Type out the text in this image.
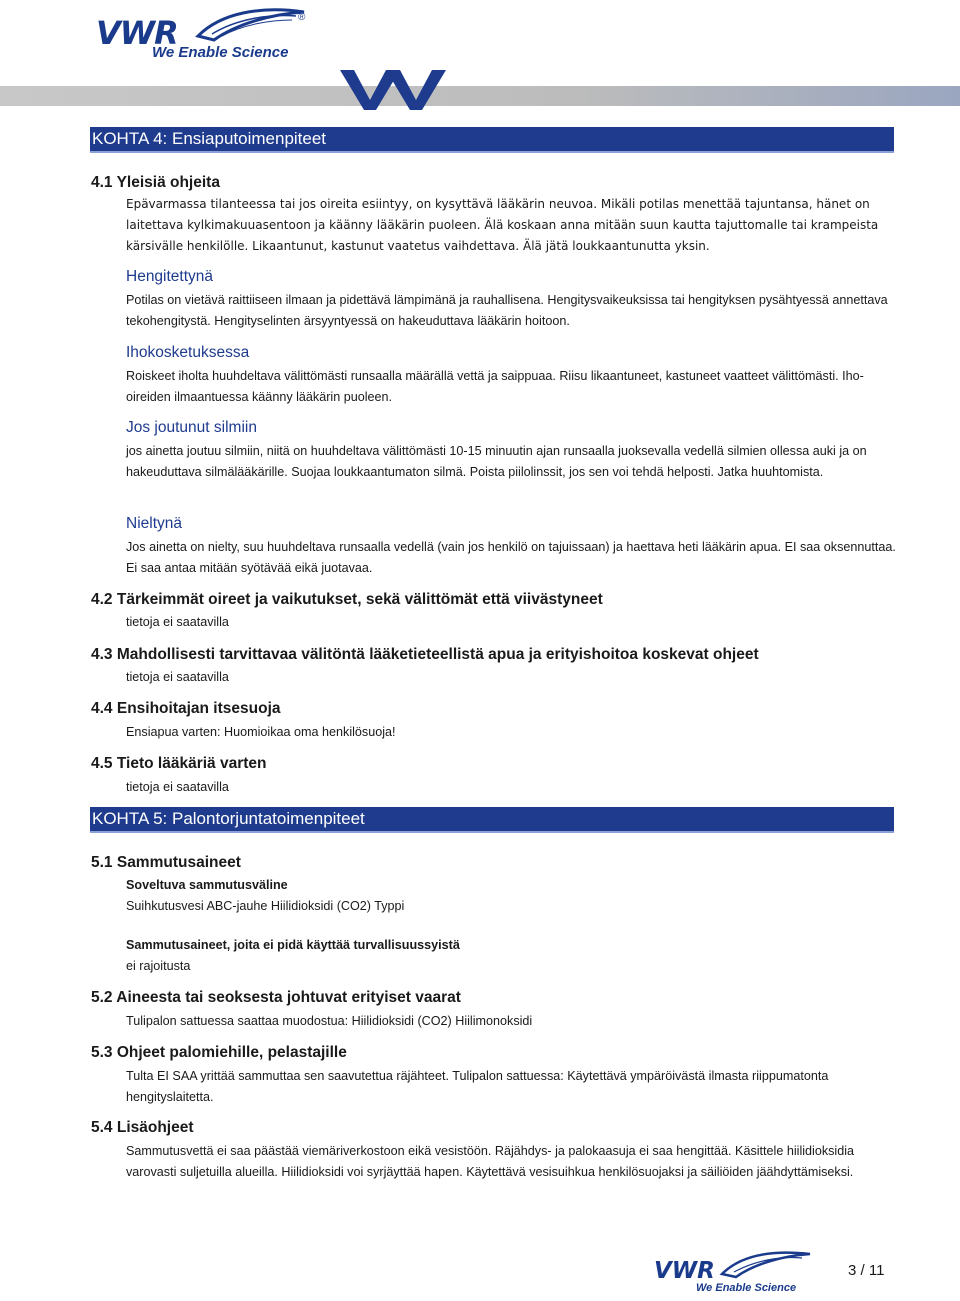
VWR	®
We Enable Science
KOHTA 4: Ensiaputoimenpiteet
4.1 Yleisiä ohjeita
Epävarmassa tilanteessa tai jos oireita esiintyy, on kysyttävä lääkärin neuvoa. Mikäli potilas menettää tajuntansa, hänet on laitettava kylkimakuuasentoon ja käänny lääkärin puoleen. Älä koskaan anna mitään suun kautta tajuttomalle tai krampeista kärsivälle henkilölle. Likaantunut, kastunut vaatetus vaihdettava. Älä jätä loukkaantunutta yksin.
Hengitettynä
Potilas on vietävä raittiiseen ilmaan ja pidettävä lämpimänä ja rauhallisena. Hengitysvaikeuksissa tai hengityksen pysähtyessä annettava tekohengitystä. Hengityselinten ärsyyntyessä on hakeuduttava lääkärin hoitoon.
Ihokosketuksessa
Roiskeet iholta huuhdeltava välittömästi runsaalla määrällä vettä ja saippuaa. Riisu likaantuneet, kastuneet vaatteet välittömästi. Iho-oireiden ilmaantuessa käänny lääkärin puoleen.
Jos joutunut silmiin
jos ainetta joutuu silmiin, niitä on huuhdeltava välittömästi 10-15 minuutin ajan runsaalla juoksevalla vedellä silmien ollessa auki ja on hakeuduttava silmälääkärille. Suojaa loukkaantumaton silmä. Poista piilolinssit, jos sen voi tehdä helposti. Jatka huuhtomista.
Nieltynä
Jos ainetta on nielty, suu huuhdeltava runsaalla vedellä (vain jos henkilö on tajuissaan) ja haettava heti lääkärin apua. EI saa oksennuttaa. Ei saa antaa mitään syötävää eikä juotavaa.
4.2 Tärkeimmät oireet ja vaikutukset, sekä välittömät että viivästyneet
tietoja ei saatavilla
4.3 Mahdollisesti tarvittavaa välitöntä lääketieteellistä apua ja erityishoitoa koskevat ohjeet
tietoja ei saatavilla
4.4 Ensihoitajan itsesuoja
Ensiapua varten: Huomioikaa oma henkilösuoja!
4.5 Tieto lääkäriä varten
tietoja ei saatavilla
KOHTA 5: Palontorjuntatoimenpiteet
5.1 Sammutusaineet
Soveltuva sammutusväline
Suihkutusvesi ABC-jauhe Hiilidioksidi (CO2) Typpi
Sammutusaineet, joita ei pidä käyttää turvallisuussyistä
ei rajoitusta
5.2 Aineesta tai seoksesta johtuvat erityiset vaarat
Tulipalon sattuessa saattaa muodostua: Hiilidioksidi (CO2) Hiilimonoksidi
5.3 Ohjeet palomiehille, pelastajille
Tulta EI SAA yrittää sammuttaa sen saavutettua räjähteet. Tulipalon sattuessa: Käytettävä ympäröivästä ilmasta riippumatonta hengityslaitetta.
5.4 Lisäohjeet
Sammutusvettä ei saa päästää viemäriverkostoon eikä vesistöön. Räjähdys- ja palokaasuja ei saa hengittää. Käsittele hiilidioksidia varovasti suljetuilla alueilla. Hiilidioksidi voi syrjäyttää hapen. Käytettävä vesisuihkua henkilösuojaksi ja säiliöiden jäähdyttämiseksi.
VWR
We Enable Science
3 / 11
